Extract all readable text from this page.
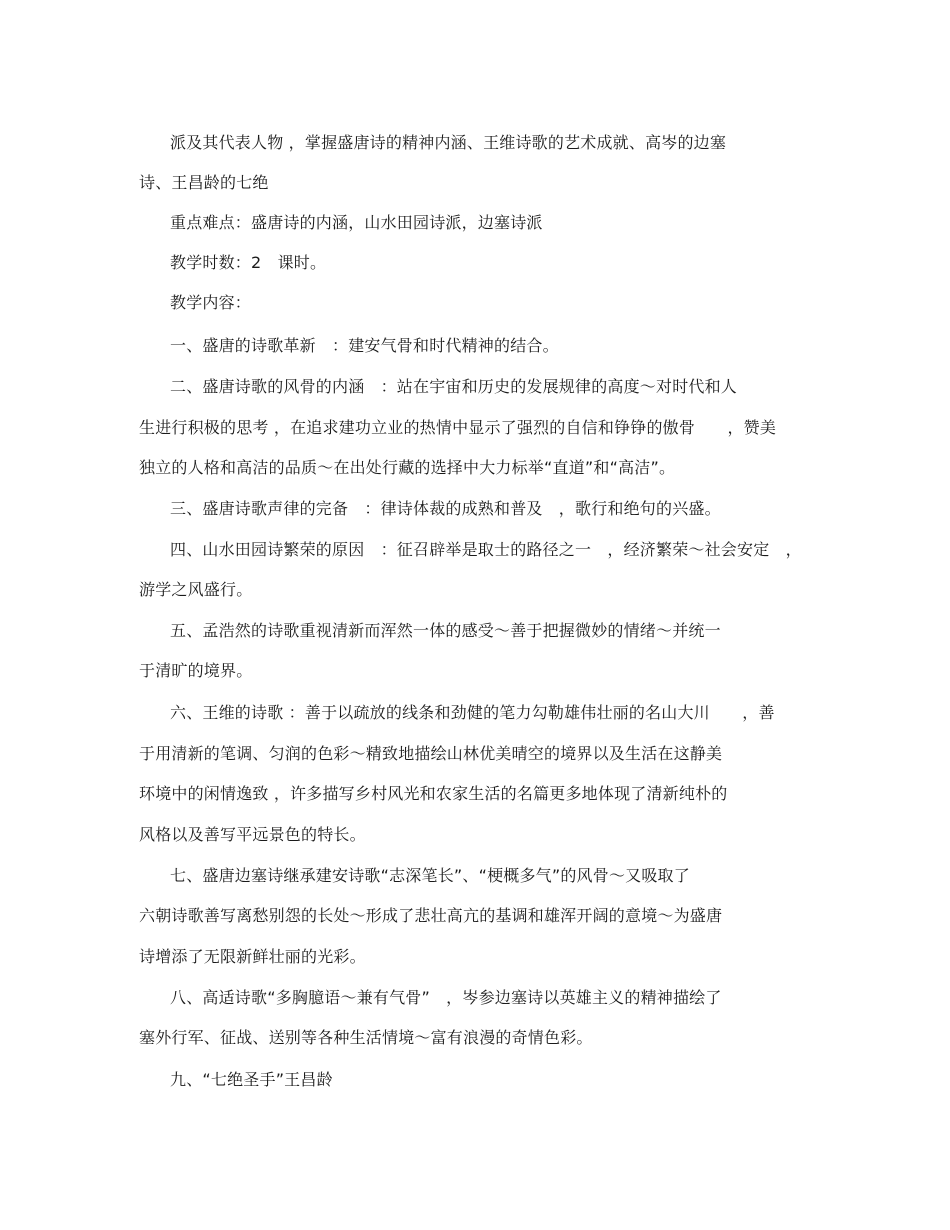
派及其代表人物 ，掌握盛唐诗的精神内涵、王维诗歌的艺术成就、高岑的边塞
诗、王昌龄的七绝
重点难点：盛唐诗的内涵，山水田园诗派，边塞诗派
教学时数：2　课时。
教学内容：
一、盛唐的诗歌革新　：建安气骨和时代精神的结合。
二、盛唐诗歌的风骨的内涵　：站在宇宙和历史的发展规律的高度～对时代和人
生进行积极的思考 ，在追求建功立业的热情中显示了强烈的自信和铮铮的傲骨　　，赞美
独立的人格和高洁的品质～在出处行藏的选择中大力标举“直道”和“高洁”。
三、盛唐诗歌声律的完备　：律诗体裁的成熟和普及　，歌行和绝句的兴盛。
四、山水田园诗繁荣的原因　：征召辟举是取士的路径之一　，经济繁荣～社会安定　，
游学之风盛行。
五、孟浩然的诗歌重视清新而浑然一体的感受～善于把握微妙的情绪～并统一
于清旷的境界。
六、王维的诗歌 ：善于以疏放的线条和劲健的笔力勾勒雄伟壮丽的名山大川　　，善
于用清新的笔调、匀润的色彩～精致地描绘山林优美晴空的境界以及生活在这静美
环境中的闲情逸致 ，许多描写乡村风光和农家生活的名篇更多地体现了清新纯朴的
风格以及善写平远景色的特长。
七、盛唐边塞诗继承建安诗歌“志深笔长”、“梗概多气”的风骨～又吸取了
六朝诗歌善写离愁别怨的长处～形成了悲壮高亢的基调和雄浑开阔的意境～为盛唐
诗增添了无限新鲜壮丽的光彩。
八、高适诗歌“多胸臆语～兼有气骨”　，岑参边塞诗以英雄主义的精神描绘了
塞外行军、征战、送别等各种生活情境～富有浪漫的奇情色彩。
九、“七绝圣手”王昌龄
